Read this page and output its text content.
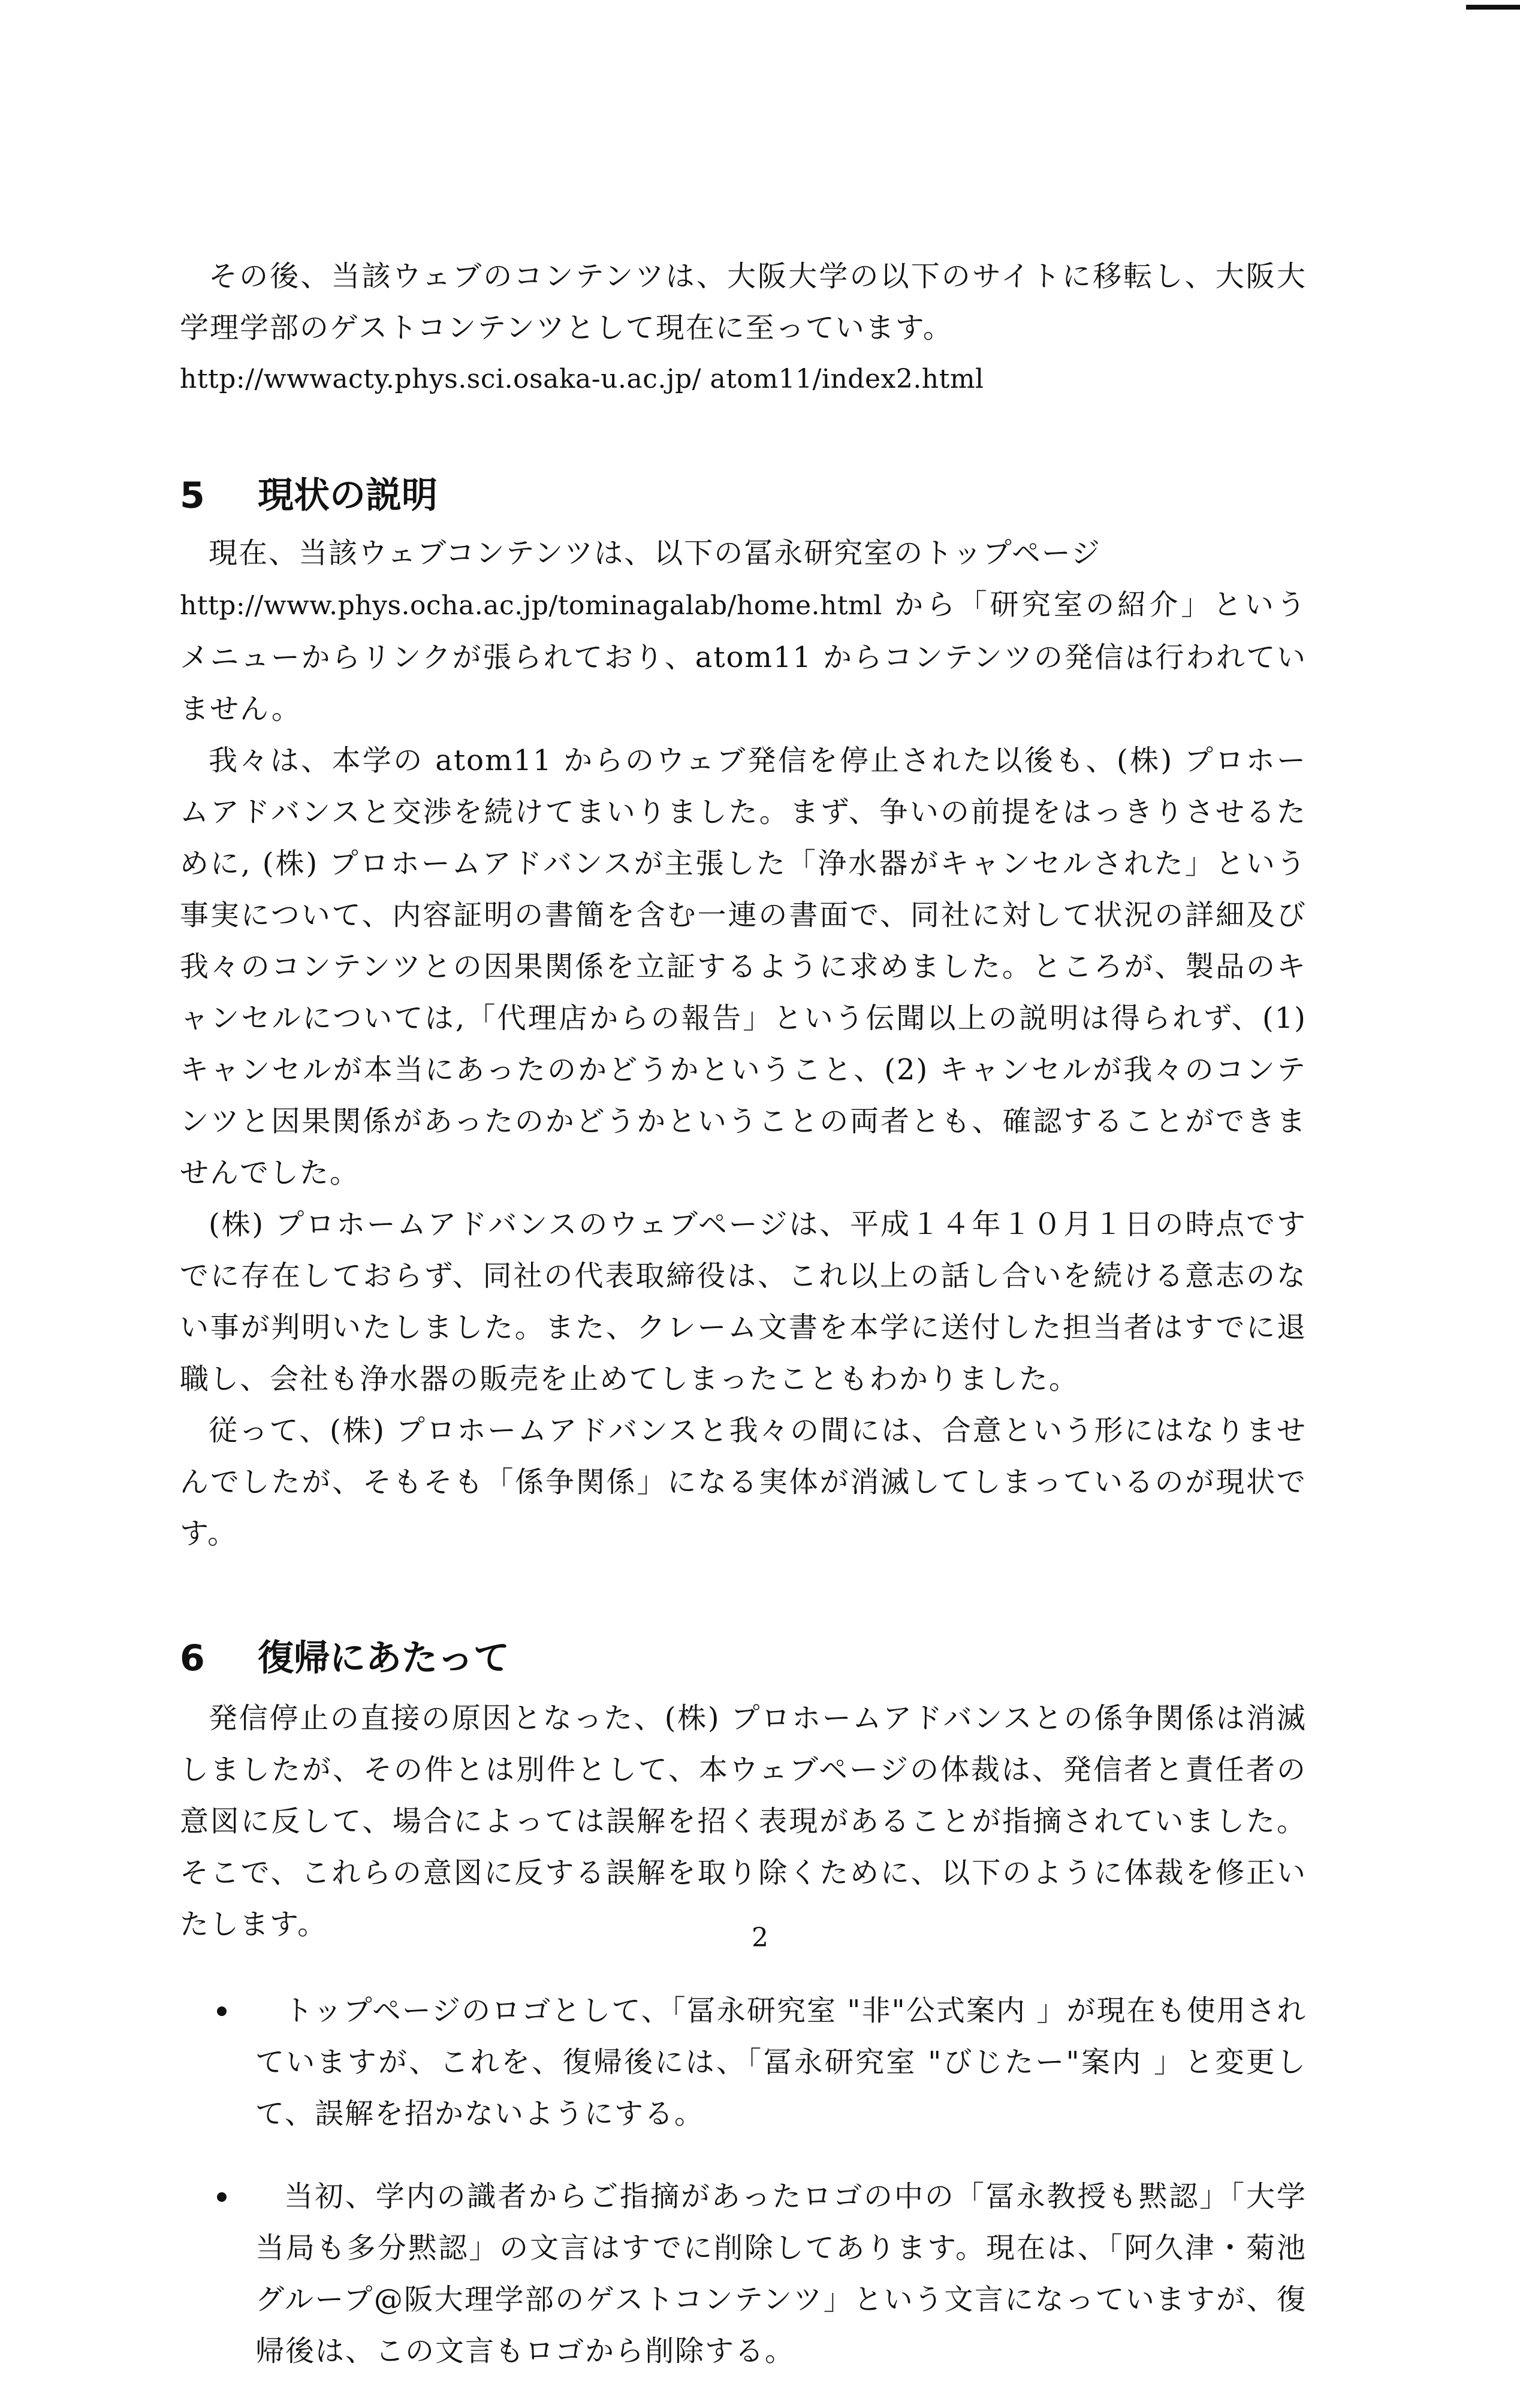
その後、当該ウェブのコンテンツは、大阪大学の以下のサイトに移転し、大阪大学理学部のゲストコンテンツとして現在に至っています。

http://wwwacty.phys.sci.osaka-u.ac.jp/ atom11/index2.html

5	現状の説明

現在、当該ウェブコンテンツは、以下の冨永研究室のトップページ

http://www.phys.ocha.ac.jp/tominagalab/home.html から「研究室の紹介」というメニューからリンクが張られており、atom11 からコンテンツの発信は行われていません。

我々は、本学の atom11 からのウェブ発信を停止された以後も、(株) プロホームアドバンスと交渉を続けてまいりました。まず、争いの前提をはっきりさせるために, (株) プロホームアドバンスが主張した「浄水器がキャンセルされた」という事実について、内容証明の書簡を含む一連の書面で、同社に対して状況の詳細及び我々のコンテンツとの因果関係を立証するように求めました。ところが、製品のキャンセルについては,「代理店からの報告」という伝聞以上の説明は得られず、(1) キャンセルが本当にあったのかどうかということ、(2) キャンセルが我々のコンテンツと因果関係があったのかどうかということの両者とも、確認することができませんでした。

(株) プロホームアドバンスのウェブページは、平成１４年１０月１日の時点ですでに存在しておらず、同社の代表取締役は、これ以上の話し合いを続ける意志のない事が判明いたしました。また、クレーム文書を本学に送付した担当者はすでに退職し、会社も浄水器の販売を止めてしまったこともわかりました。

従って、(株) プロホームアドバンスと我々の間には、合意という形にはなりませんでしたが、そもそも「係争関係」になる実体が消滅してしまっているのが現状です。

6	復帰にあたって

発信停止の直接の原因となった、(株) プロホームアドバンスとの係争関係は消滅しましたが、その件とは別件として、本ウェブページの体裁は、発信者と責任者の意図に反して、場合によっては誤解を招く表現があることが指摘されていました。そこで、これらの意図に反する誤解を取り除くために、以下のように体裁を修正いたします。

トップページのロゴとして、「冨永研究室 "非"公式案内 」が現在も使用されていますが、これを、復帰後には、「冨永研究室 "びじたー"案内 」と変更して、誤解を招かないようにする。

当初、学内の識者からご指摘があったロゴの中の「冨永教授も黙認」「大学当局も多分黙認」の文言はすでに削除してあります。現在は、「阿久津・菊池グループ@阪大理学部のゲストコンテンツ」という文言になっていますが、復帰後は、この文言もロゴから削除する。

2
